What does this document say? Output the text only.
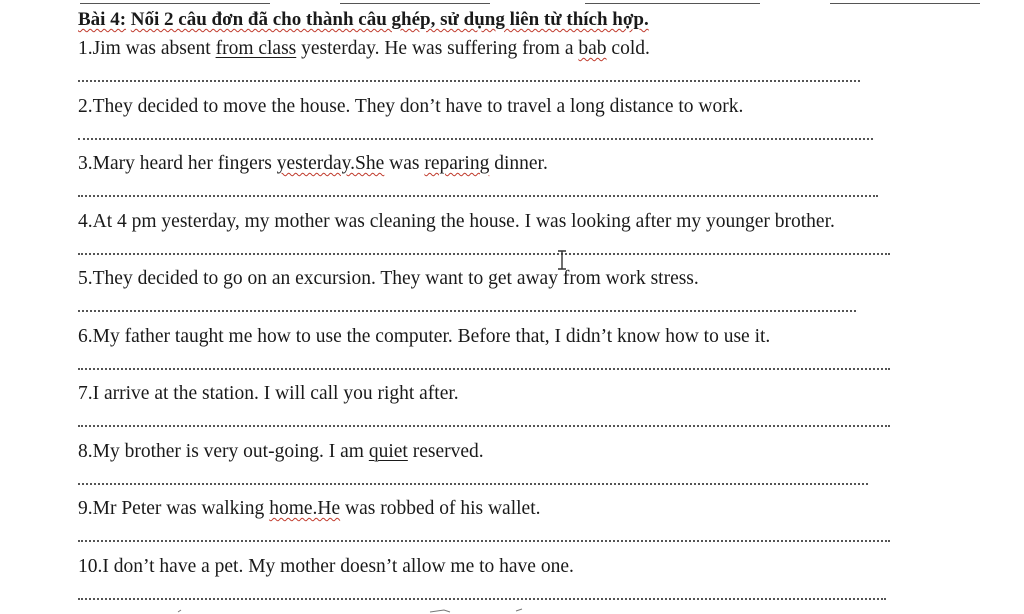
Bài 4: Nối 2 câu đơn đã cho thành câu ghép, sử dụng liên từ thích hợp.

1.Jim was absent from class yesterday. He was suffering from a bab cold.
2.They decided to move the house. They don’t have to travel a long distance to work.
3.Mary heard her fingers yesterday.She was reparing dinner.
4.At 4 pm yesterday, my mother was cleaning the house. I was looking after my younger brother.
5.They decided to go on an excursion. They want to get away from work stress.
6.My father taught me how to use the computer. Before that, I didn’t know how to use it.
7.I arrive at the station. I will call you right after.
8.My brother is very out-going. I am quiet reserved.
9.Mr Peter was walking home.He was robbed of his wallet.
10.I don’t have a pet. My mother doesn’t allow me to have one.
